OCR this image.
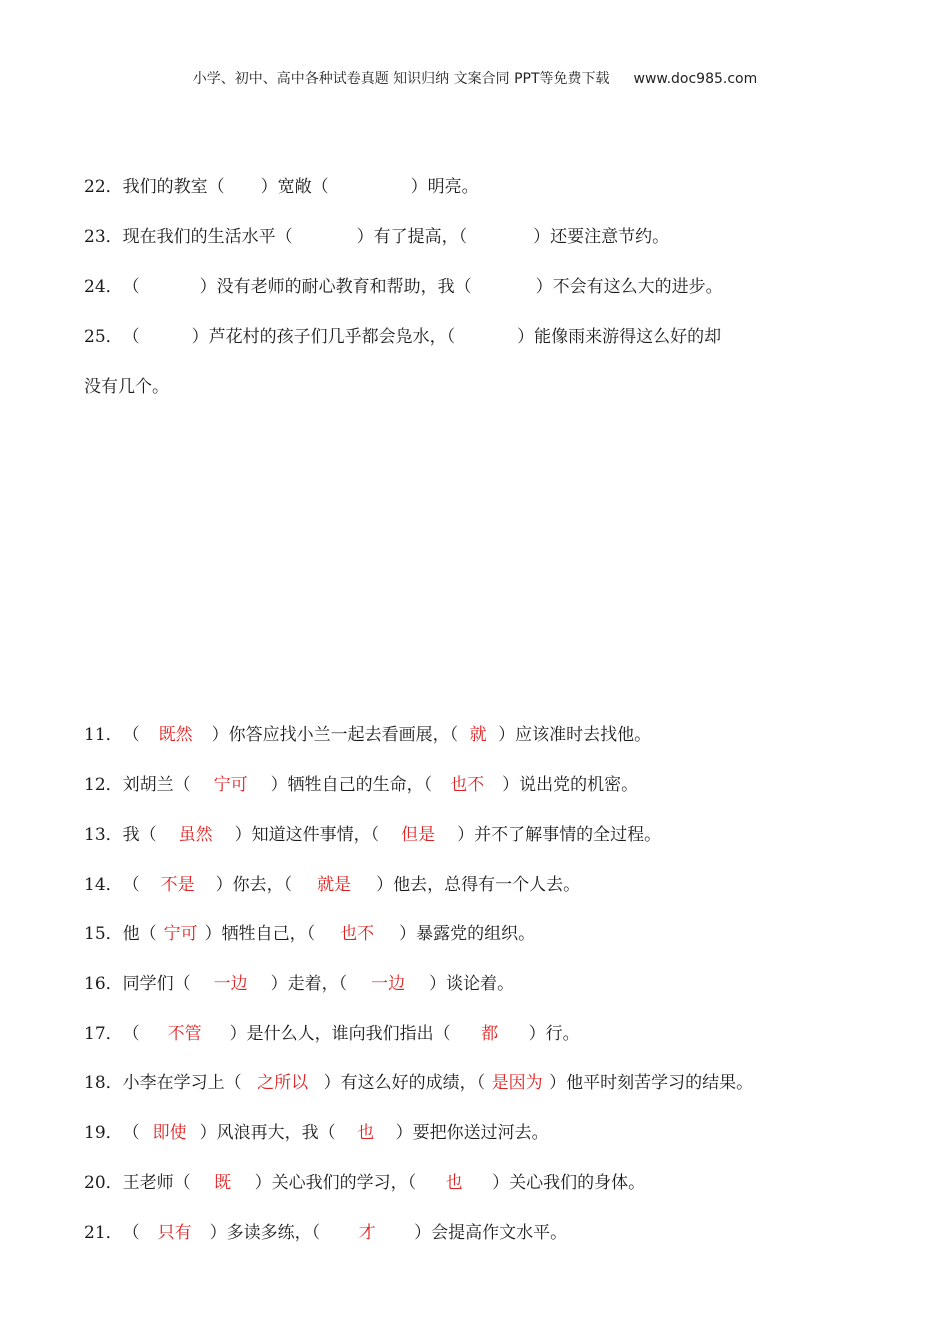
小学、初中、高中各种试卷真题 知识归纳 文案合同 PPT等免费下载 www.doc985.com
22．我们的教室（ ）宽敞（	）明亮。
23．现在我们的生活水平（	）有了提高，（	）还要注意节约。
24．（	）没有老师的耐心教育和帮助，我（	）不会有这么大的进步。
25．（	）芦花村的孩子们几乎都会凫水，（	）能像雨来游得这么好的却
没有几个。
11．（ 既然 ）你答应找小兰一起去看画展，（ 就 ）应该准时去找他。
12．刘胡兰（ 宁可 ）牺牲自己的生命，（ 也不 ）说出党的机密。
13．我（ 虽然 ）知道这件事情，（ 但是 ）并不了解事情的全过程。
14．（ 不是 ）你去，（ 就是 ）他去，总得有一个人去。
15．他（ 宁可 ）牺牲自己，（ 也不 ）暴露党的组织。
16．同学们（ 一边 ）走着，（ 一边 ）谈论着。
17．（ 不管 ）是什么人，谁向我们指出（ 都 ）行。
18．小李在学习上（ 之所以 ）有这么好的成绩，（ 是因为 ）他平时刻苦学习的结果。
19．（ 即使 ）风浪再大，我（ 也 ）要把你送过河去。
20．王老师（ 既 ）关心我们的学习，（ 也 ）关心我们的身体。
21．（ 只有 ）多读多练，（ 才 ）会提高作文水平。
